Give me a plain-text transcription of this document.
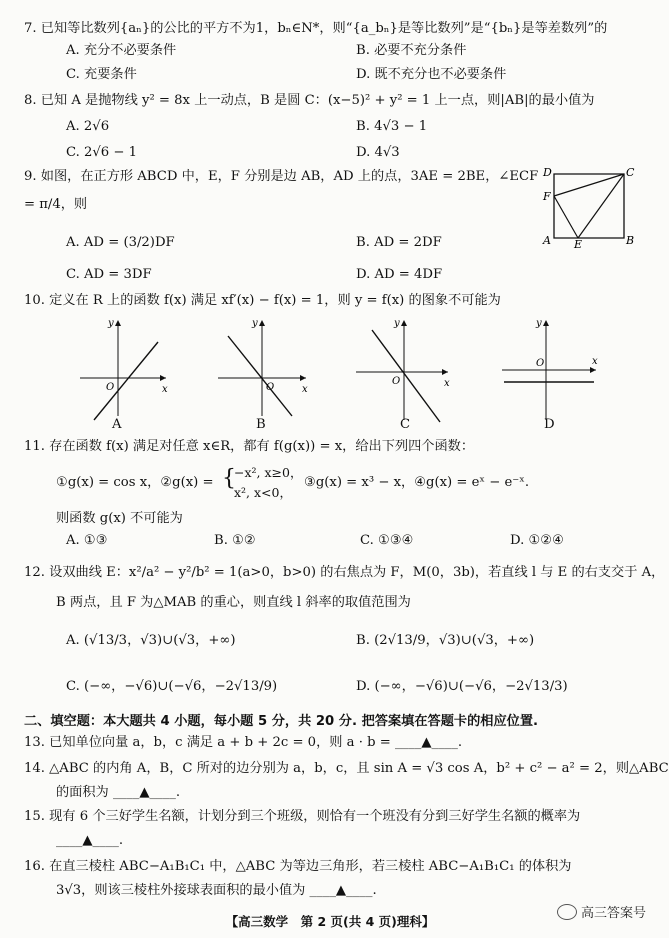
7. 已知等比数列{aₙ}的公比的平方不为1，bₙ∈N*，则“{a_bₙ}是等比数列”是“{bₙ}是等差数列”的
A. 充分不必要条件	B. 必要不充分条件
C. 充要条件	D. 既不充分也不必要条件
8. 已知 A 是抛物线 y² = 8x 上一动点，B 是圆 C：(x−5)² + y² = 1 上一点，则|AB|的最小值为
A. 2√6	B. 4√3 − 1
C. 2√6 − 1	D. 4√3
9. 如图，在正方形 ABCD 中，E，F 分别是边 AB，AD 上的点，3AE = 2BE，∠ECF
= π/4，则
A. AD = (3/2)DF	B. AD = 2DF
C. AD = 3DF	D. AD = 4DF
D	C
F
A E	B
10. 定义在 R 上的函数 f(x) 满足 xf′(x) − f(x) = 1，则 y = f(x) 的图象不可能为
x
y
O
A
x
y
O
B
x
y
O
C
x
y
O
D
11. 存在函数 f(x) 满足对任意 x∈R，都有 f(g(x)) = x，给出下列四个函数：
①g(x) = cos x，②g(x) = {
−x², x≥0，
x², x<0，
③g(x) = x³ − x，④g(x) = eˣ − e⁻ˣ.
则函数 g(x) 不可能为
A. ①③	B. ①②	C. ①③④	D. ①②④
12. 设双曲线 E：x²/a² − y²/b² = 1(a>0，b>0) 的右焦点为 F，M(0，3b)，若直线 l 与 E 的右支交于 A，
B 两点，且 F 为△MAB 的重心，则直线 l 斜率的取值范围为
A. (√13/3，√3)∪(√3，+∞)	B. (2√13/9，√3)∪(√3，+∞)
C. (−∞，−√6)∪(−√6，−2√13/9)	D. (−∞，−√6)∪(−√6，−2√13/3)
二、填空题：本大题共 4 小题，每小题 5 分，共 20 分. 把答案填在答题卡的相应位置.
13. 已知单位向量 a，b，c 满足 a + b + 2c = 0，则 a · b = ____▲____.
14. △ABC 的内角 A，B，C 所对的边分别为 a，b，c，且 sin A = √3 cos A，b² + c² − a² = 2，则△ABC
的面积为 ____▲____.
15. 现有 6 个三好学生名额，计划分到三个班级，则恰有一个班没有分到三好学生名额的概率为
____▲____.
16. 在直三棱柱 ABC−A₁B₁C₁ 中，△ABC 为等边三角形，若三棱柱 ABC−A₁B₁C₁ 的体积为
3√3，则该三棱柱外接球表面积的最小值为 ____▲____.
【高三数学　第 2 页(共 4 页)理科】
高三答案号
